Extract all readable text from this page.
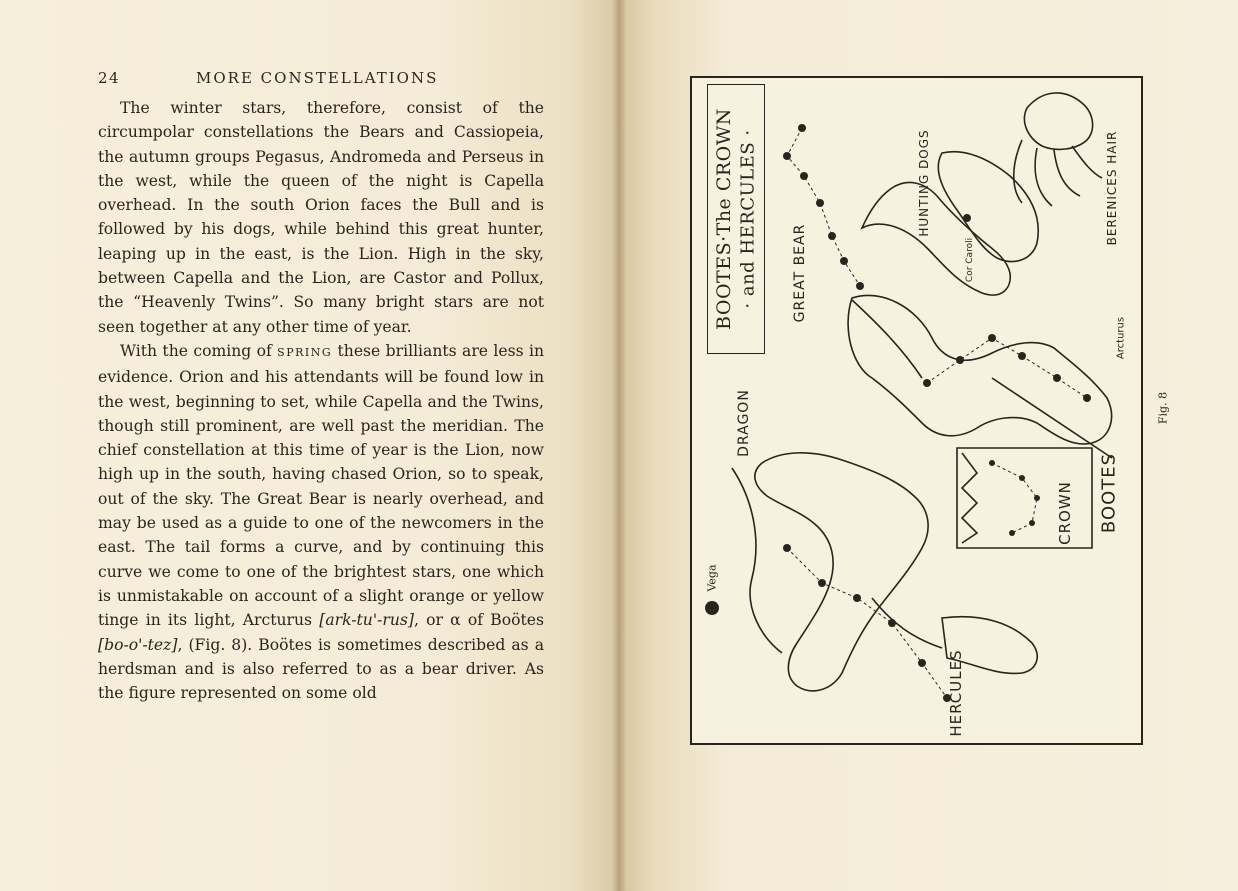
24	MORE CONSTELLATIONS

The winter stars, therefore, consist of the circumpolar constellations the Bears and Cassiopeia, the autumn groups Pegasus, Andromeda and Perseus in the west, while the queen of the night is Capella overhead. In the south Orion faces the Bull and is followed by his dogs, while behind this great hunter, leaping up in the east, is the Lion. High in the sky, between Capella and the Lion, are Castor and Pollux, the “Heavenly Twins”. So many bright stars are not seen together at any other time of year.

With the coming of SPRING these brilliants are less in evidence. Orion and his attendants will be found low in the west, beginning to set, while Capella and the Twins, though still prominent, are well past the meridian. The chief constellation at this time of year is the Lion, now high up in the south, having chased Orion, so to speak, out of the sky. The Great Bear is nearly overhead, and may be used as a guide to one of the newcomers in the east. The tail forms a curve, and by continuing this curve we come to one of the brightest stars, one which is unmistakable on account of a slight orange or yellow tinge in its light, Arcturus [ark-tu'-rus], or α of Boötes [bo-o'-tez], (Fig. 8). Boötes is sometimes described as a herdsman and is also referred to as a bear driver. As the figure represented on some old

BOOTES·The CROWN · and HERCULES ·
DRAGON
GREAT BEAR
HUNTING DOGS	BERENICES HAIR
Cor Caroli
Arcturus
Vega
HERCULES
CROWN BOOTES
Fig. 8
